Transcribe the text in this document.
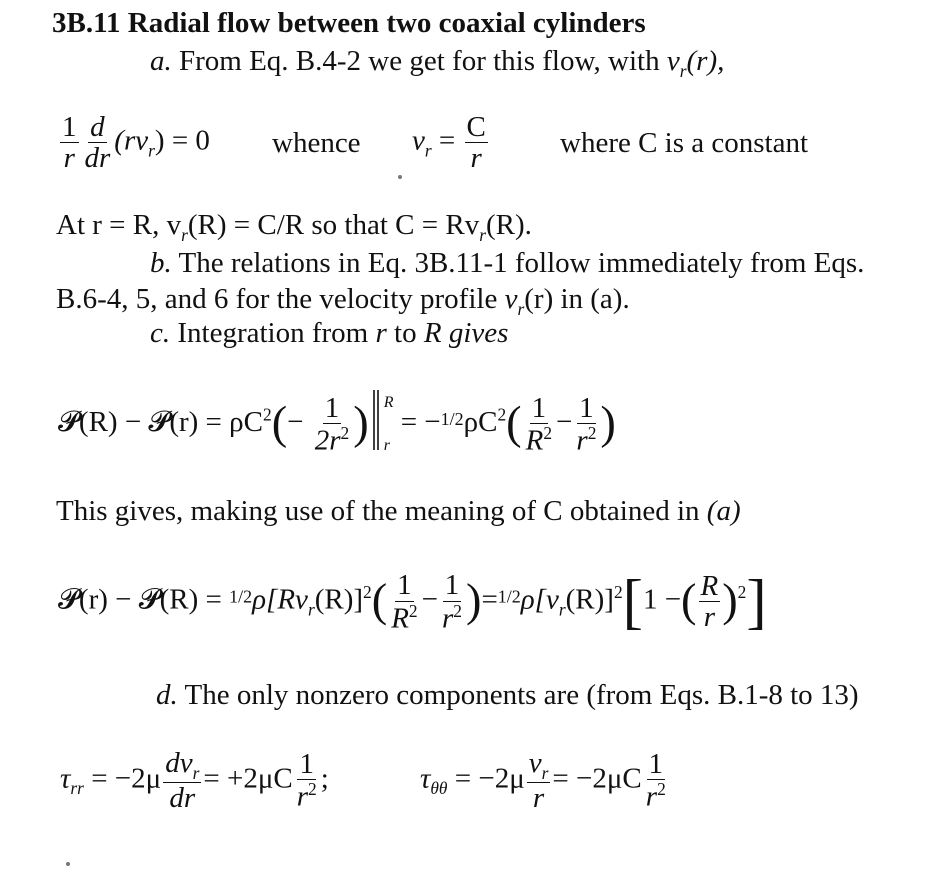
3B.11 Radial flow between two coaxial cylinders
a. From Eq. B.4-2 we get for this flow, with $v_r(r)$,
$\frac{1}{r} \frac{d}{dr} (rv_r) = 0$ whence $v_r = \frac{C}{r}$ where C is a constant
At r = R, $v_r(R) = C/R$ so that $C = Rv_r(R)$.
b. The relations in Eq. 3B.11-1 follow immediately from Eqs.
B.6-4, 5, and 6 for the velocity profile $v_r(r)$ in (a).
c. Integration from r to R gives
𝓟(R) − 𝓟(r) = $\rho C^2(- \frac{1}{2r^2}$ ) R
r
= $-^{1/2}\rho C^2( \frac{1}{R^2} - \frac{1}{r^2}$ )
This gives, making use of the meaning of C obtained in (a)
𝓟(r) − 𝓟(R) = $^{1/2}\rho[Rv_r(R)]^2( \frac{1}{R^2} - \frac{1}{r^2} )=^{1/2}\rho[v_r(R)]^2[1$ −( $\frac{R}{r} )^2$]
d. The only nonzero components are (from Eqs. B.1-8 to 13)
$\tau_{rr} = -2\mu \frac{dv_r}{dr} = +2\mu C \frac{1}{r^2}$ ;	$\tau_{\theta\theta} = -2\mu \frac{v_r}{r} = -2\mu C \frac{1}{r^2}$
